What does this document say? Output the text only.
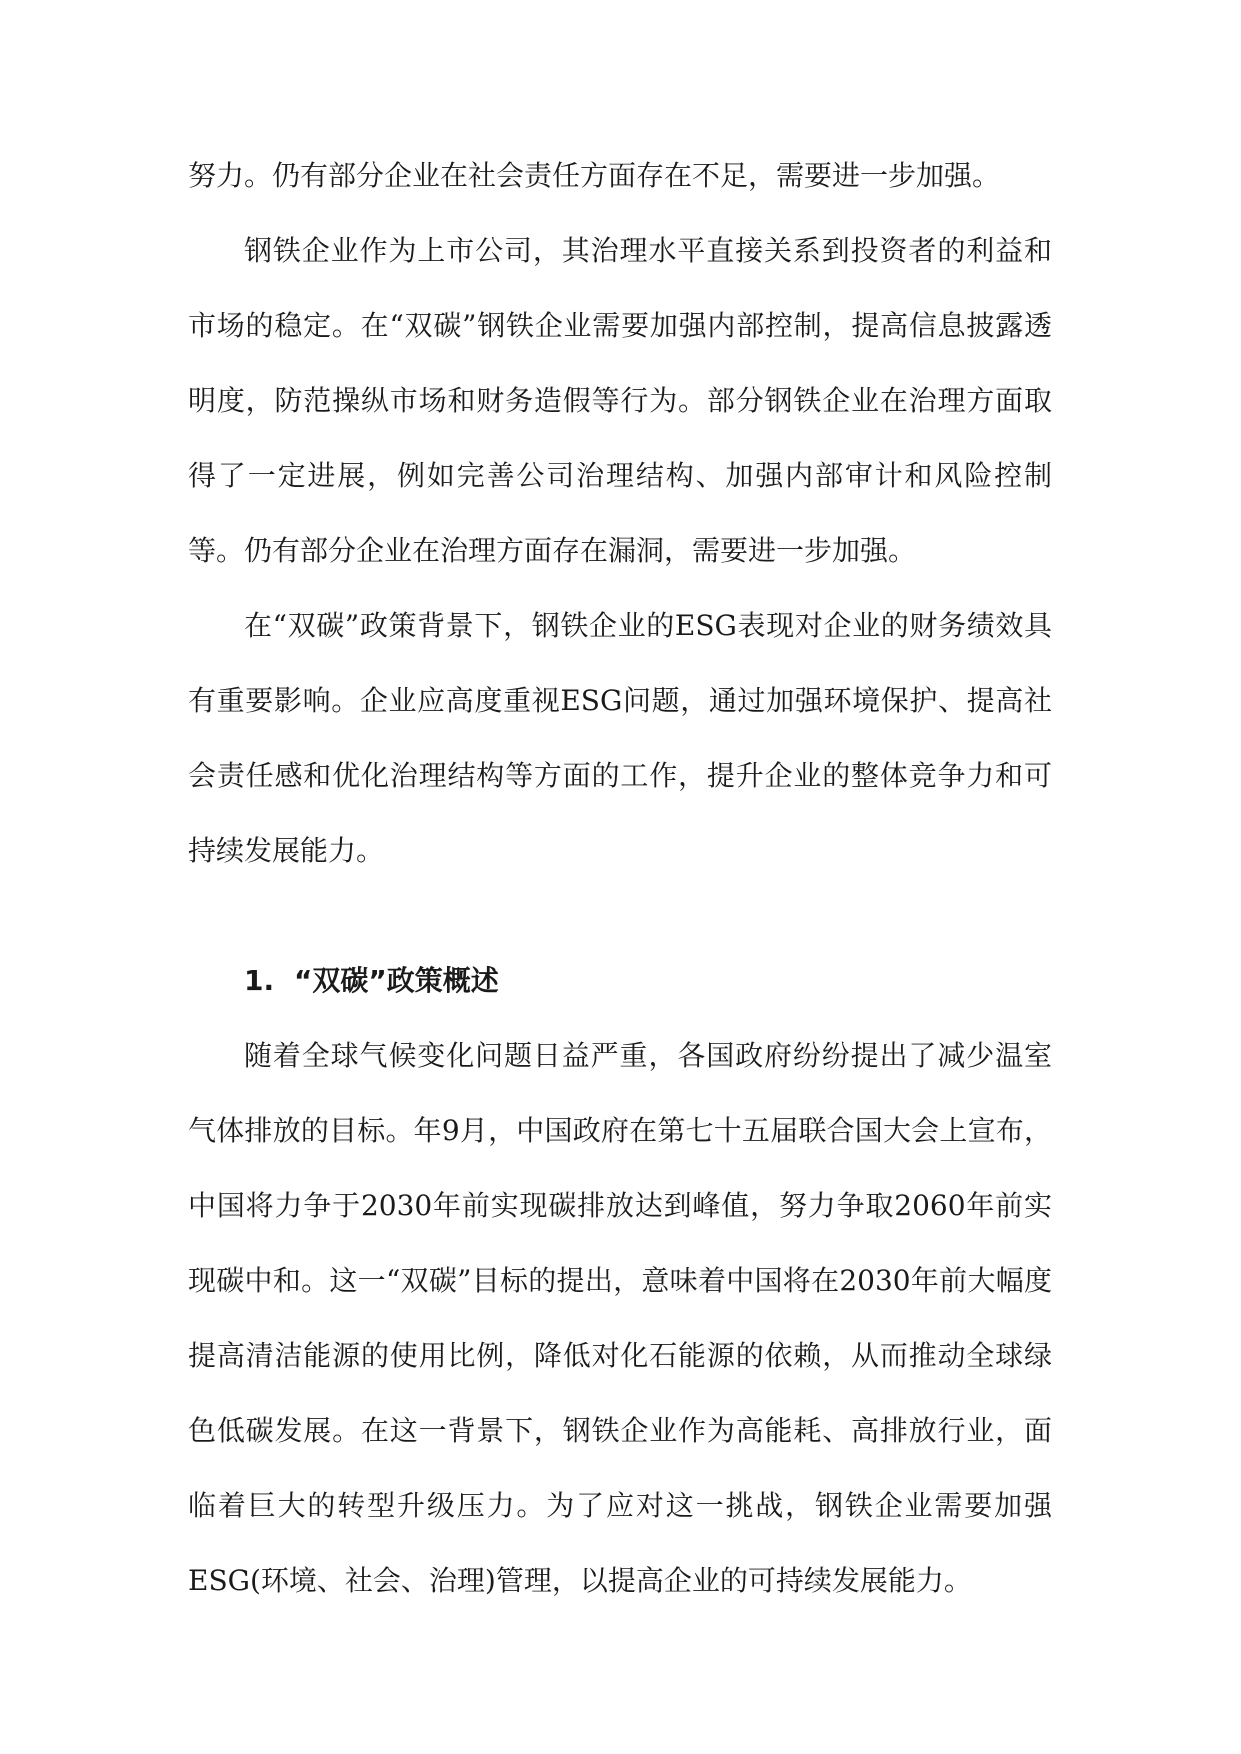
努力。仍有部分企业在社会责任方面存在不足，需要进一步加强。

钢铁企业作为上市公司，其治理水平直接关系到投资者的利益和市场的稳定。在“双碳”钢铁企业需要加强内部控制，提高信息披露透明度，防范操纵市场和财务造假等行为。部分钢铁企业在治理方面取得了一定进展，例如完善公司治理结构、加强内部审计和风险控制等。仍有部分企业在治理方面存在漏洞，需要进一步加强。

在“双碳”政策背景下，钢铁企业的ESG表现对企业的财务绩效具有重要影响。企业应高度重视ESG问题，通过加强环境保护、提高社会责任感和优化治理结构等方面的工作，提升企业的整体竞争力和可持续发展能力。

1. “双碳”政策概述

随着全球气候变化问题日益严重，各国政府纷纷提出了减少温室气体排放的目标。年9月，中国政府在第七十五届联合国大会上宣布，中国将力争于2030年前实现碳排放达到峰值，努力争取2060年前实现碳中和。这一“双碳”目标的提出，意味着中国将在2030年前大幅度提高清洁能源的使用比例，降低对化石能源的依赖，从而推动全球绿色低碳发展。在这一背景下，钢铁企业作为高能耗、高排放行业，面临着巨大的转型升级压力。为了应对这一挑战，钢铁企业需要加强ESG(环境、社会、治理)管理，以提高企业的可持续发展能力。
